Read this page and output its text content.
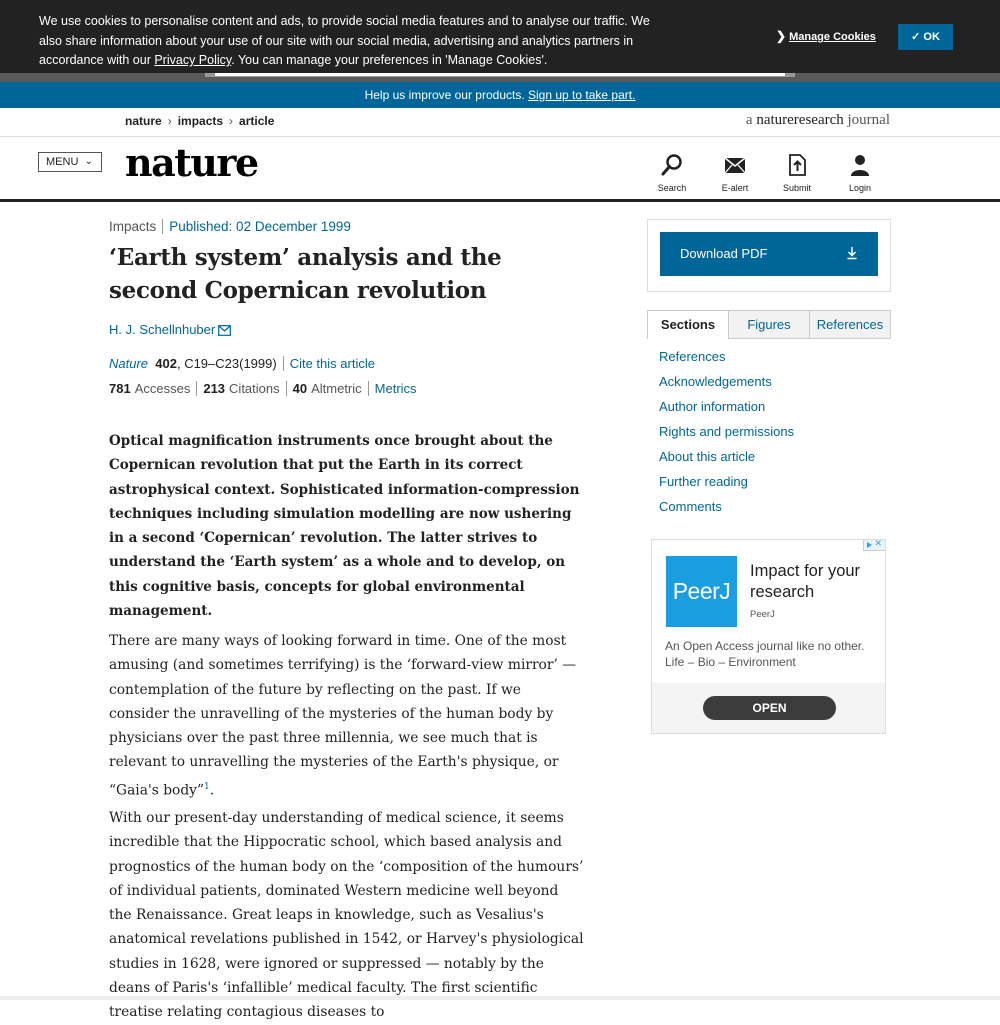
We use cookies to personalise content and ads, to provide social media features and to analyse our traffic. We also share information about your use of our site with our social media, advertising and analytics partners in accordance with our Privacy Policy. You can manage your preferences in 'Manage Cookies'.
❯ Manage Cookies	✓ OK
Help us improve our products. Sign up to take part.
nature › impacts › article	a natureresearch journal
MENU ⌄ nature
Search	E-alert	Submit	Login
Impacts Published: 02 December 1999
‘Earth system’ analysis and the second Copernican revolution
H. J. Schellnhuber
Nature 402, C19–C23(1999) Cite this article
781 Accesses 213 Citations 40 Altmetric Metrics

Optical magnification instruments once brought about the Copernican revolution that put the Earth in its correct astrophysical context. Sophisticated information-compression techniques including simulation modelling are now ushering in a second ‘Copernican’ revolution. The latter strives to understand the ‘Earth system’ as a whole and to develop, on this cognitive basis, concepts for global environmental management.

There are many ways of looking forward in time. One of the most amusing (and sometimes terrifying) is the ‘forward-view mirror’ — contemplation of the future by reflecting on the past. If we consider the unravelling of the mysteries of the human body by physicians over the past three millennia, we see much that is relevant to unravelling the mysteries of the Earth's physique, or “Gaia's body”$^1$.

With our present-day understanding of medical science, it seems incredible that the Hippocratic school, which based analysis and prognostics of the human body on the ‘composition of the humours’ of individual patients, dominated Western medicine well beyond the Renaissance. Great leaps in knowledge, such as Vesalius's anatomical revelations published in 1542, or Harvey's physiological studies in 1628, were ignored or suppressed — notably by the deans of Paris's ‘infallible’ medical faculty. The first scientific treatise relating contagious diseases to

Download PDF
Sections	Figures	References
References
Acknowledgements
Author information
Rights and permissions
About this article
Further reading
Comments
✕
PeerJ
Impact for your research
PeerJ
An Open Access journal like no other. Life – Bio – Environment
OPEN
